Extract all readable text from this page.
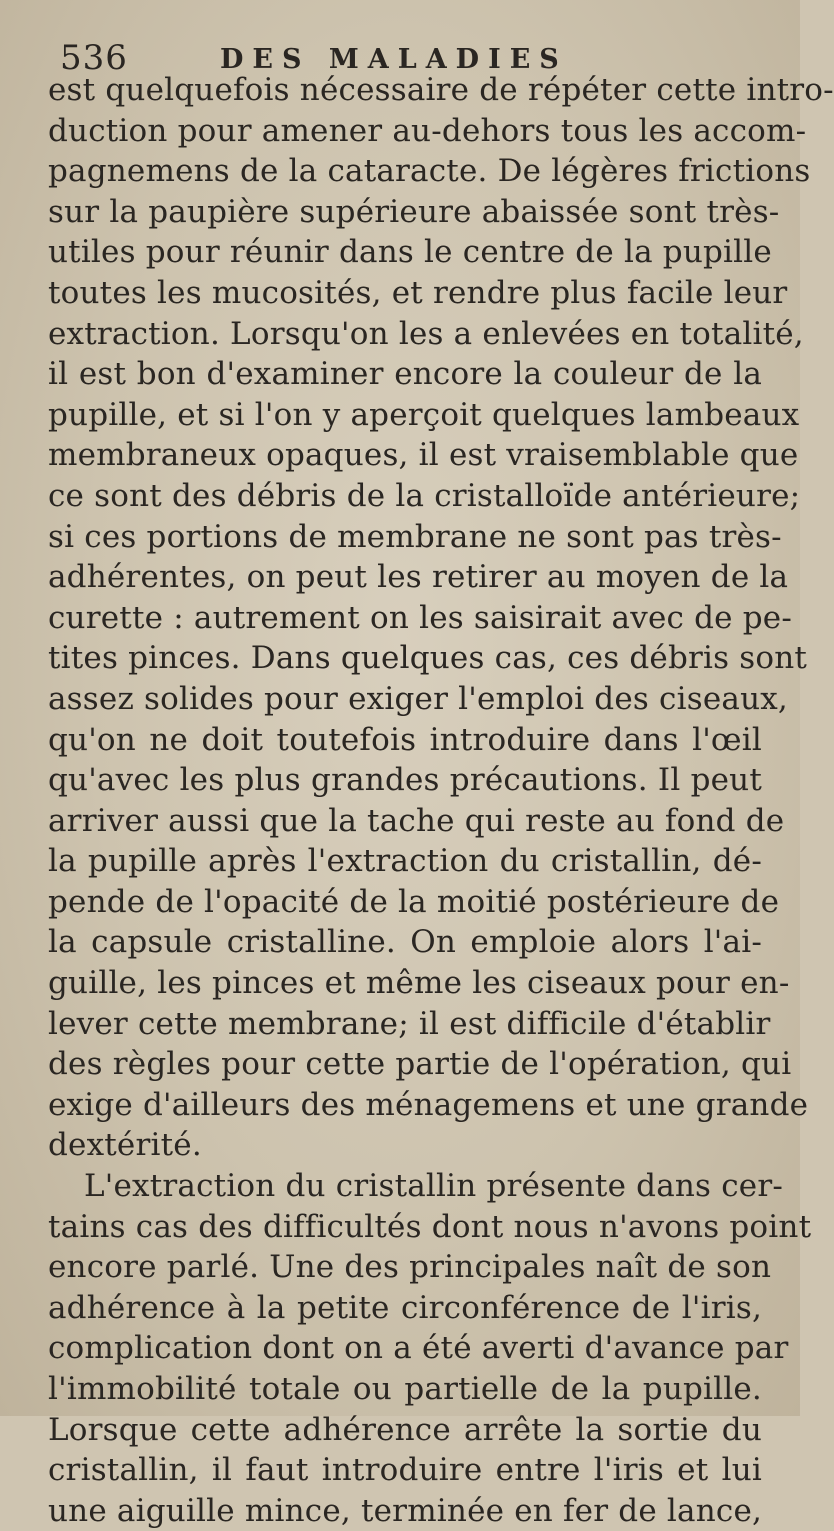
536	DES MALADIES
est quelquefois nécessaire de répéter cette intro-
duction pour amener au-dehors tous les accom-
pagnemens de la cataracte. De légères frictions
sur la paupière supérieure abaissée sont très-
utiles pour réunir dans le centre de la pupille
toutes les mucosités, et rendre plus facile leur
extraction. Lorsqu'on les a enlevées en totalité,
il est bon d'examiner encore la couleur de la
pupille, et si l'on y aperçoit quelques lambeaux
membraneux opaques, il est vraisemblable que
ce sont des débris de la cristalloïde antérieure;
si ces portions de membrane ne sont pas très-
adhérentes, on peut les retirer au moyen de la
curette : autrement on les saisirait avec de pe-
tites pinces. Dans quelques cas, ces débris sont
assez solides pour exiger l'emploi des ciseaux,
qu'on ne doit toutefois introduire dans l'œil
qu'avec les plus grandes précautions. Il peut
arriver aussi que la tache qui reste au fond de
la pupille après l'extraction du cristallin, dé-
pende de l'opacité de la moitié postérieure de
la capsule cristalline. On emploie alors l'ai-
guille, les pinces et même les ciseaux pour en-
lever cette membrane; il est difficile d'établir
des règles pour cette partie de l'opération, qui
exige d'ailleurs des ménagemens et une grande
dextérité.
L'extraction du cristallin présente dans cer-
tains cas des difficultés dont nous n'avons point
encore parlé. Une des principales naît de son
adhérence à la petite circonférence de l'iris,
complication dont on a été averti d'avance par
l'immobilité totale ou partielle de la pupille.
Lorsque cette adhérence arrête la sortie du
cristallin, il faut introduire entre l'iris et lui
une aiguille mince, terminée en fer de lance,
